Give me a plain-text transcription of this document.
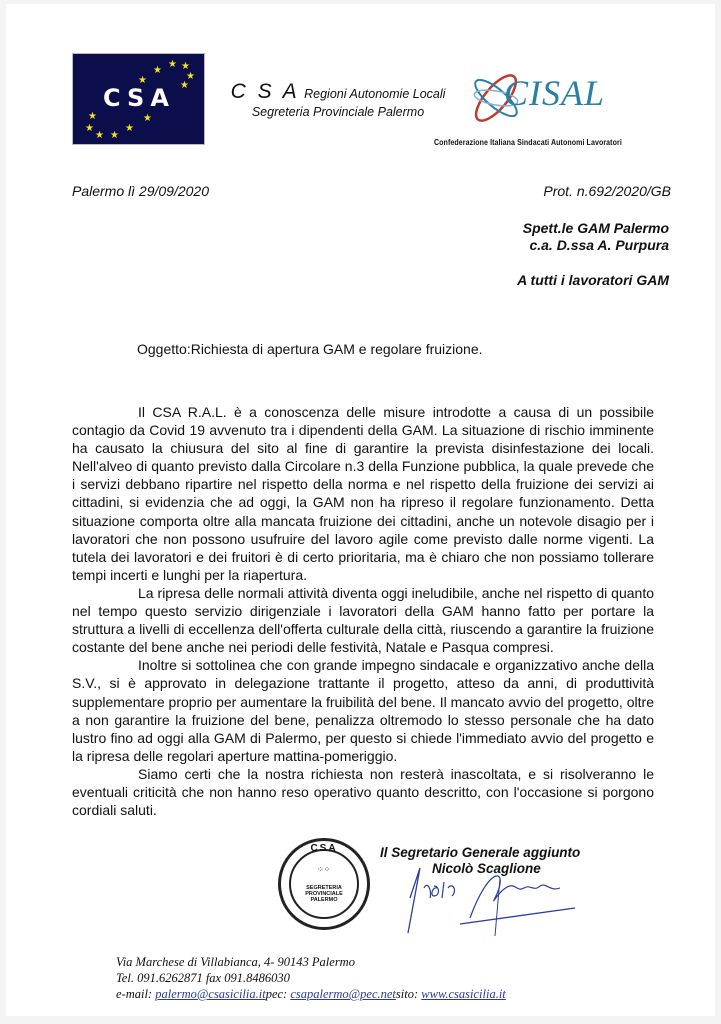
★ ★
★
★
★	★
★	★
★	★
★ ★
CSA	C S A Regioni Autonomie Locali
Segreteria Provinciale Palermo	CISAL
Confederazione Italiana Sindacati Autonomi Lavoratori
Palermo lì 29/09/2020	Prot. n.692/2020/GB
Spett.le GAM Palermo
c.a. D.ssa A. Purpura
A tutti i lavoratori GAM
Oggetto:Richiesta di apertura GAM e regolare fruizione.

Il CSA R.A.L. è a conoscenza delle misure introdotte a causa di un possibile contagio da Covid 19 avvenuto tra i dipendenti della GAM. La situazione di rischio imminente ha causato la chiusura del sito al fine di garantire la prevista disinfestazione dei locali. Nell'alveo di quanto previsto dalla Circolare n.3 della Funzione pubblica, la quale prevede che i servizi debbano ripartire nel rispetto della norma e nel rispetto della fruizione dei servizi ai cittadini, si evidenzia che ad oggi, la GAM non ha ripreso il regolare funzionamento. Detta situazione comporta oltre alla mancata fruizione dei cittadini, anche un notevole disagio per i lavoratori che non possono usufruire del lavoro agile come previsto dalle norme vigenti. La tutela dei lavoratori e dei fruitori è di certo prioritaria, ma è chiaro che non possiamo tollerare tempi incerti e lunghi per la riapertura.

La ripresa delle normali attività diventa oggi ineludibile, anche nel rispetto di quanto nel tempo questo servizio dirigenziale i lavoratori della GAM hanno fatto per portare la struttura a livelli di eccellenza dell'offerta culturale della città, riuscendo a garantire la fruizione costante del bene anche nei periodi delle festività, Natale e Pasqua compresi.

Inoltre si sottolinea che con grande impegno sindacale e organizzativo anche della S.V., si è approvato in delegazione trattante il progetto, atteso da anni, di produttività supplementare proprio per aumentare la fruibilità del bene. Il mancato avvio del progetto, oltre a non garantire la fruizione del bene, penalizza oltremodo lo stesso personale che ha dato lustro fino ad oggi alla GAM di Palermo, per questo si chiede l'immediato avvio del progetto e la ripresa delle regolari aperture mattina-pomeriggio.

Siamo certi che la nostra richiesta non resterà inascoltata, e si risolveranno le eventuali criticità che non hanno reso operativo quanto descritto, con l'occasione si porgono cordiali saluti.

CSA
⁘⁘
SEGRETERIA PROVINCIALE PALERMO
Il Segretario Generale aggiunto
Nicolò Scaglione
Via Marchese di Villabianca, 4- 90143 Palermo
Tel. 091.6262871 fax 091.8486030
e-mail: palermo@csasicilia.itpec: csapalermo@pec.netsito: www.csasicilia.it
